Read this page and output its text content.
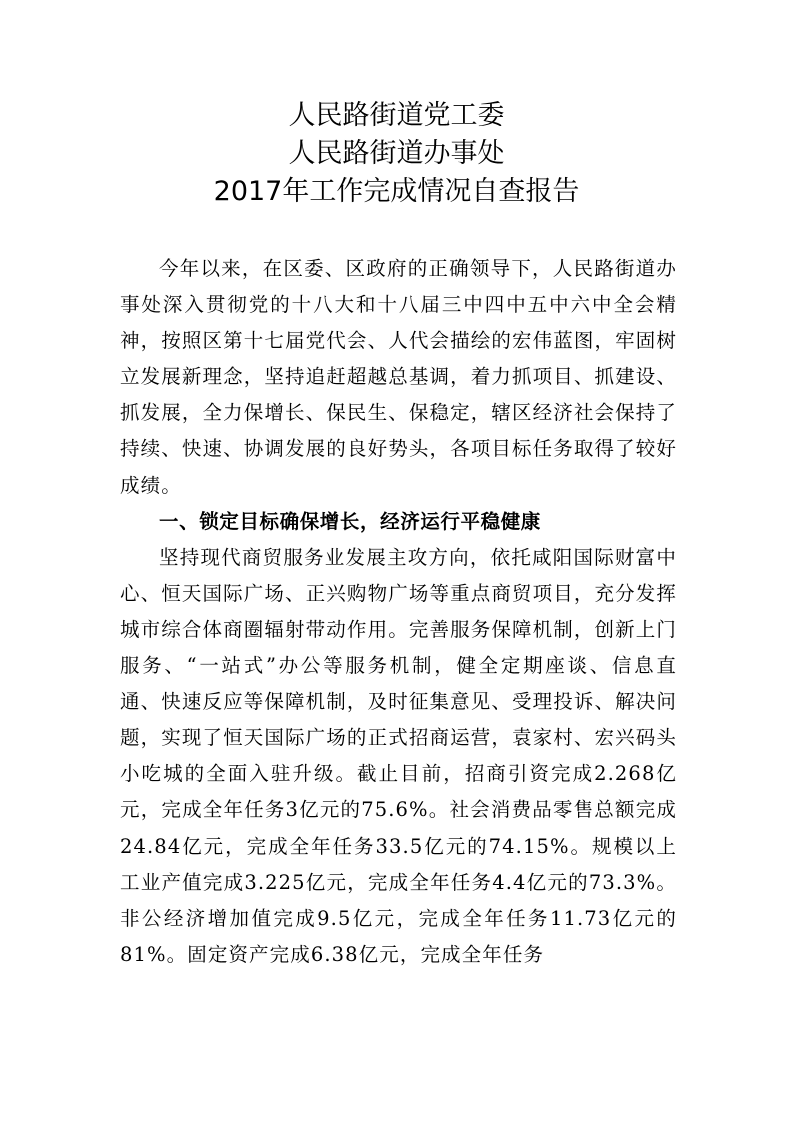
人民路街道党工委
人民路街道办事处
2017年工作完成情况自查报告

今年以来，在区委、区政府的正确领导下，人民路街道办事处深入贯彻党的十八大和十八届三中四中五中六中全会精神，按照区第十七届党代会、人代会描绘的宏伟蓝图，牢固树立发展新理念，坚持追赶超越总基调，着力抓项目、抓建设、抓发展，全力保增长、保民生、保稳定，辖区经济社会保持了持续、快速、协调发展的良好势头，各项目标任务取得了较好成绩。

一、锁定目标确保增长，经济运行平稳健康

坚持现代商贸服务业发展主攻方向，依托咸阳国际财富中心、恒天国际广场、正兴购物广场等重点商贸项目，充分发挥城市综合体商圈辐射带动作用。完善服务保障机制，创新上门服务、“一站式”办公等服务机制，健全定期座谈、信息直通、快速反应等保障机制，及时征集意见、受理投诉、解决问题，实现了恒天国际广场的正式招商运营，袁家村、宏兴码头小吃城的全面入驻升级。截止目前，招商引资完成2.268亿元，完成全年任务3亿元的75.6%。社会消费品零售总额完成24.84亿元，完成全年任务33.5亿元的74.15%。规模以上工业产值完成3.225亿元，完成全年任务4.4亿元的73.3%。非公经济增加值完成9.5亿元，完成全年任务11.73亿元的81%。固定资产完成6.38亿元，完成全年任务
